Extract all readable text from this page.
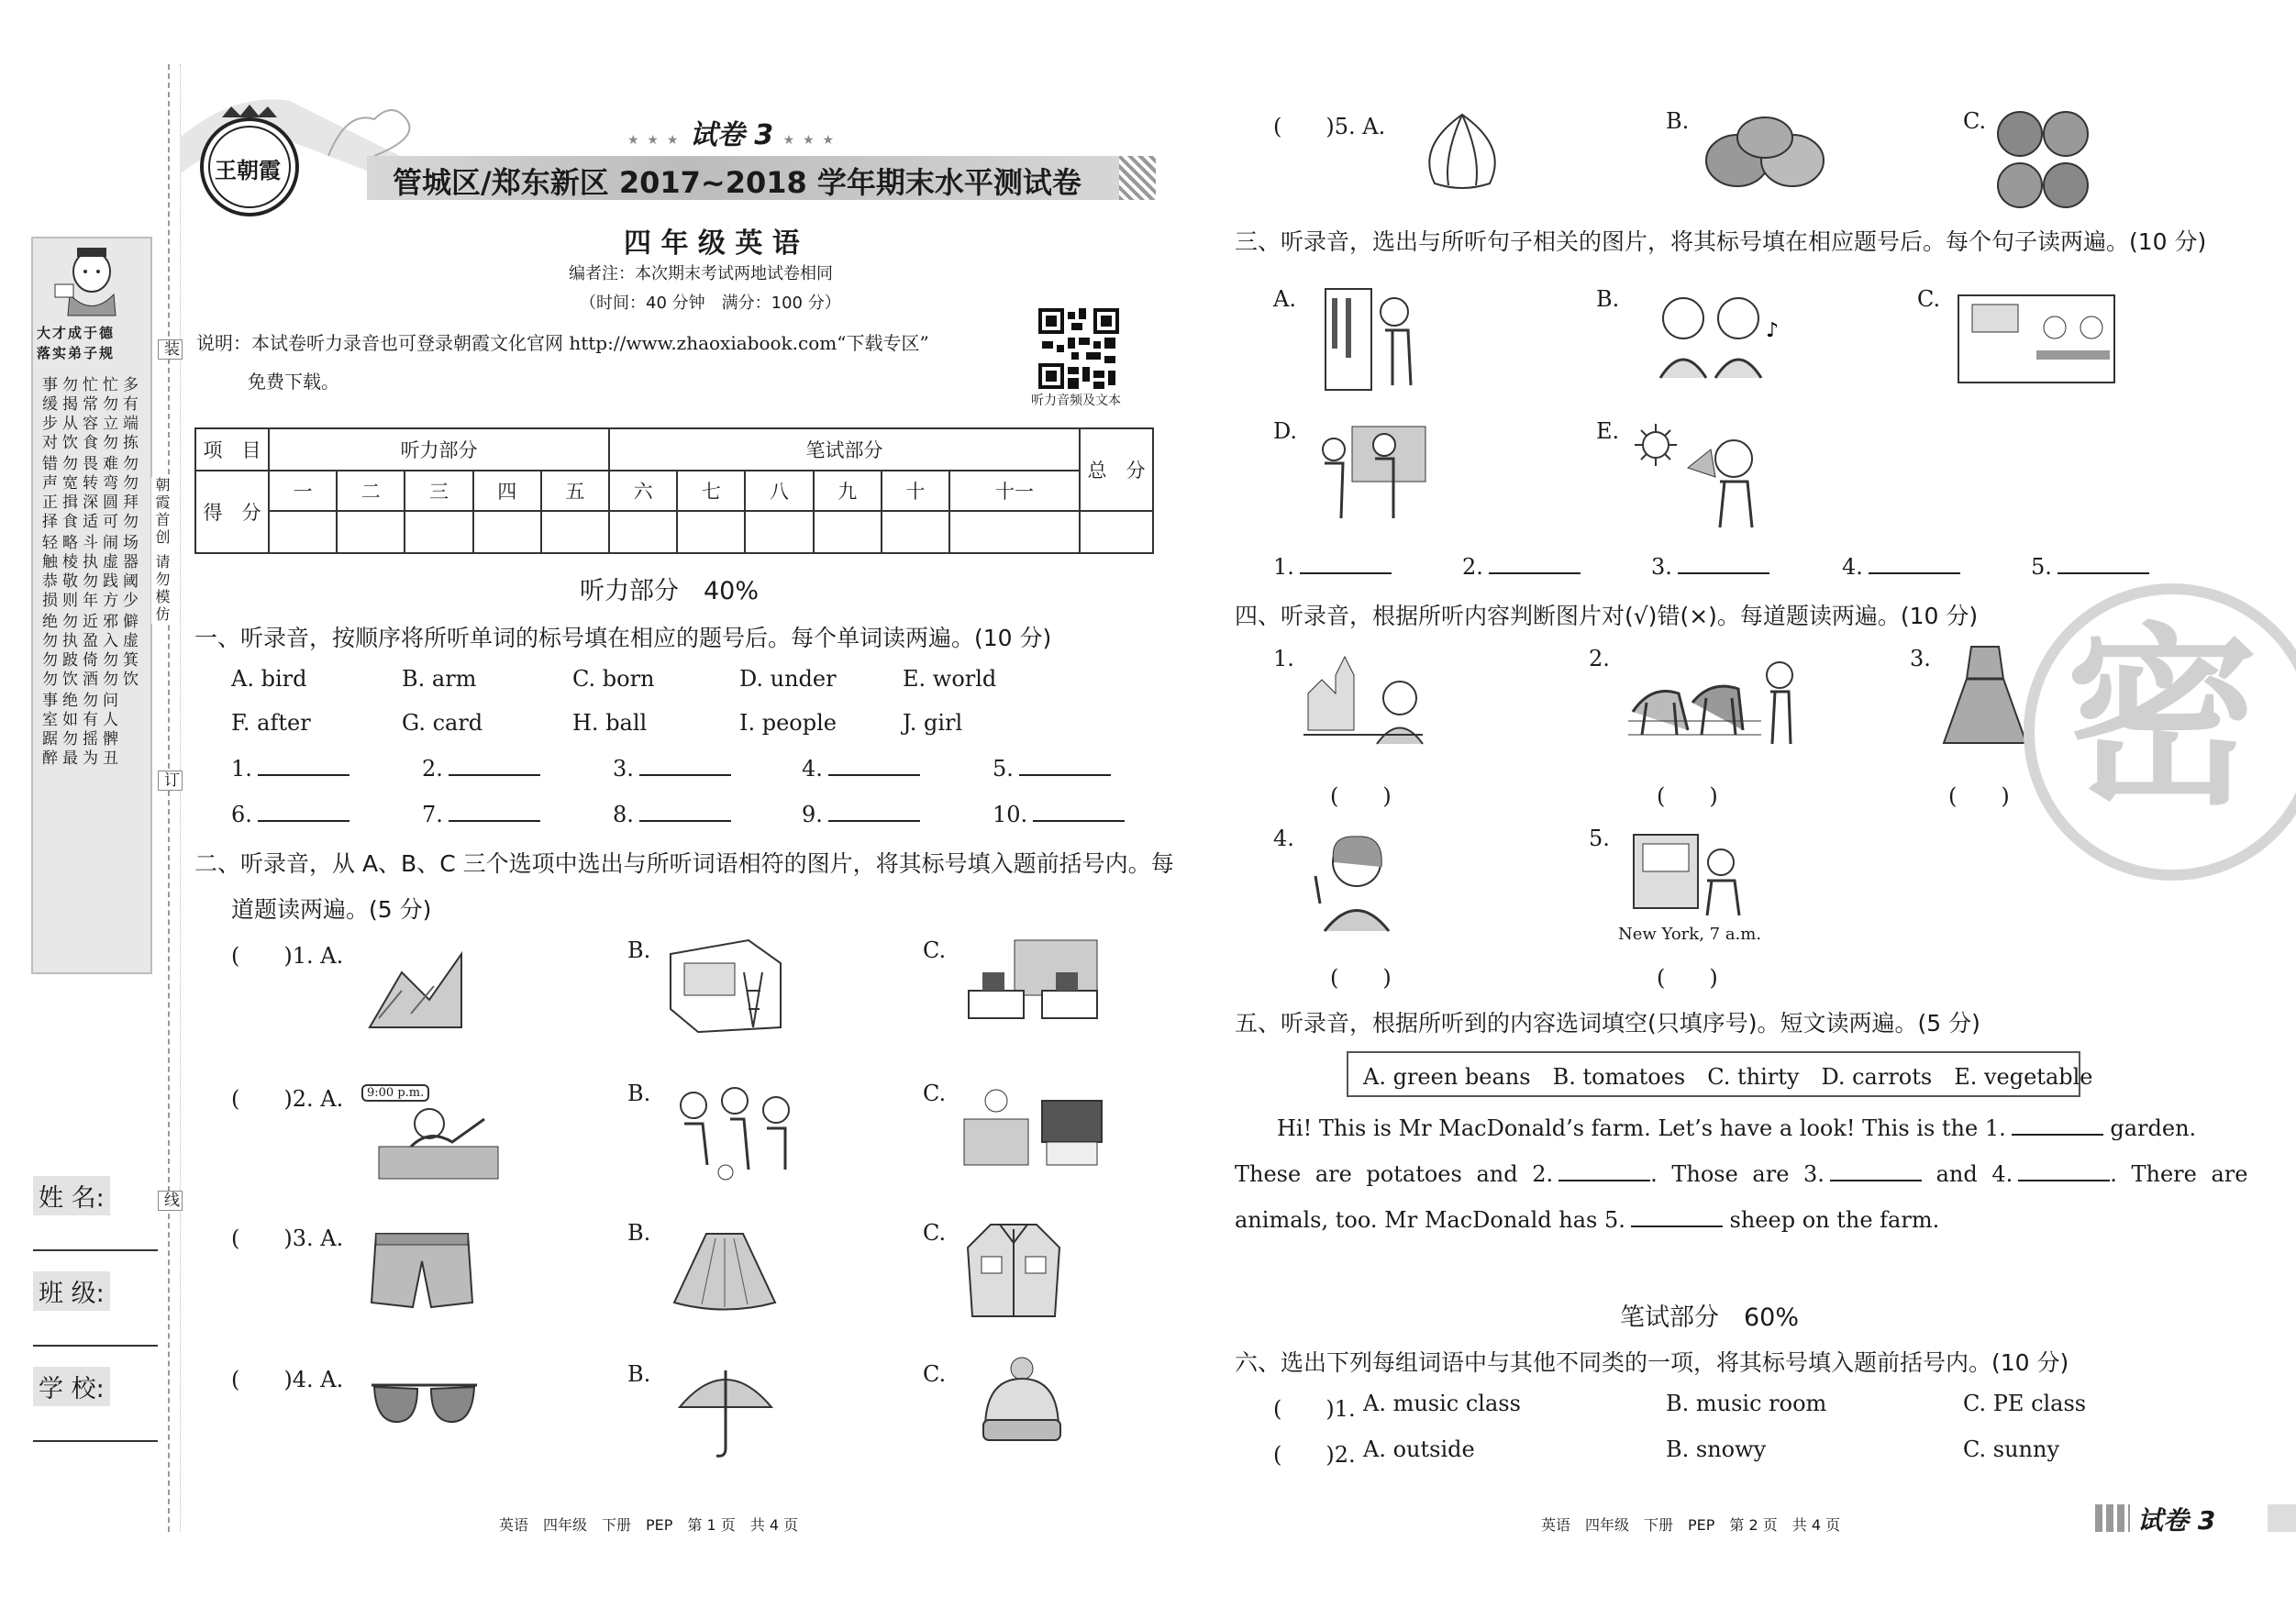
大才成于德
落实弟子规
事缓步对 勿揭从饮 忙常容食 忙勿立勿 多有端拣
错声正择 勿宽揖食 畏转深适 难弯圆可 勿勿拜勿
轻触恭损 略棱敬则 斗执勿年 闹虚践方 场器阈少
绝勿勿勿 勿执跛饮 近盈倚酒 邪入勿勿 僻虚箕饮
事室踞醉 绝如勿最 勿有摇为 问人髀丑
装
朝霞首创 请勿模仿
订
线
姓 名:
班 级:
学 校:
王朝霞
★ ★ ★ 试卷 3 ★ ★ ★
管城区/郑东新区 2017~2018 学年期末水平测试卷
四 年 级 英 语
编者注：本次期末考试两地试卷相同
（时间：40 分钟　满分：100 分）
说明：本试卷听力录音也可登录朝霞文化官网 http://www.zhaoxiabook.com“下载专区”
免费下载。
听力音频及文本
项　目	听力部分					笔试部分						总　分
得　分	一	二	三	四	五	六	七	八	九	十	十一	

听力部分　40%
一、听录音，按顺序将所听单词的标号填在相应的题号后。每个单词读两遍。(10 分)
A. bird	B. arm	C. born	D. under	E. world
F. after	G. card	H. ball	I. people	J. girl
1.	2.	3.	4.	5.
6.	7.	8.	9.	10.
二、听录音，从 A、B、C 三个选项中选出与所听词语相符的图片，将其标号填入题前括号内。每
道题读两遍。(5 分)
(　　)1. A.	B.	C.
(　　)2. A.	9:00 p.m.	B.	C.
(　　)3. A.	B.	C.
(　　)4. A.	B.	C.
英语　四年级　下册　PEP　第 1 页　共 4 页
(　　)5. A.	B.	C.
三、听录音，选出与所听句子相关的图片，将其标号填在相应题号后。每个句子读两遍。(10 分)
A.	B.
♪
C.
D.	E.
1.	2.	3.	4.	5.
四、听录音，根据所听内容判断图片对(√)错(×)。每道题读两遍。(10 分)
1.
(　　)
2.
(　　)
3.
(　　)
4.
(　　)
5.
New York, 7 a.m.
(　　)
密
五、听录音，根据所听到的内容选词填空(只填序号)。短文读两遍。(5 分)
A. green beans　B. tomatoes　C. thirty　D. carrots　E. vegetable
Hi! This is Mr MacDonald’s farm. Let’s have a look! This is the 1.	garden.
These are potatoes and 2.	. Those are 3.	and 4.	. There are
animals, too. Mr MacDonald has 5.	sheep on the farm.
笔试部分　60%
六、选出下列每组词语中与其他不同类的一项，将其标号填入题前括号内。(10 分)
(　　)1. A. music class	B. music room	C. PE class
(　　)2. A. outside	B. snowy	C. sunny
英语　四年级　下册　PEP　第 2 页　共 4 页	试卷 3
